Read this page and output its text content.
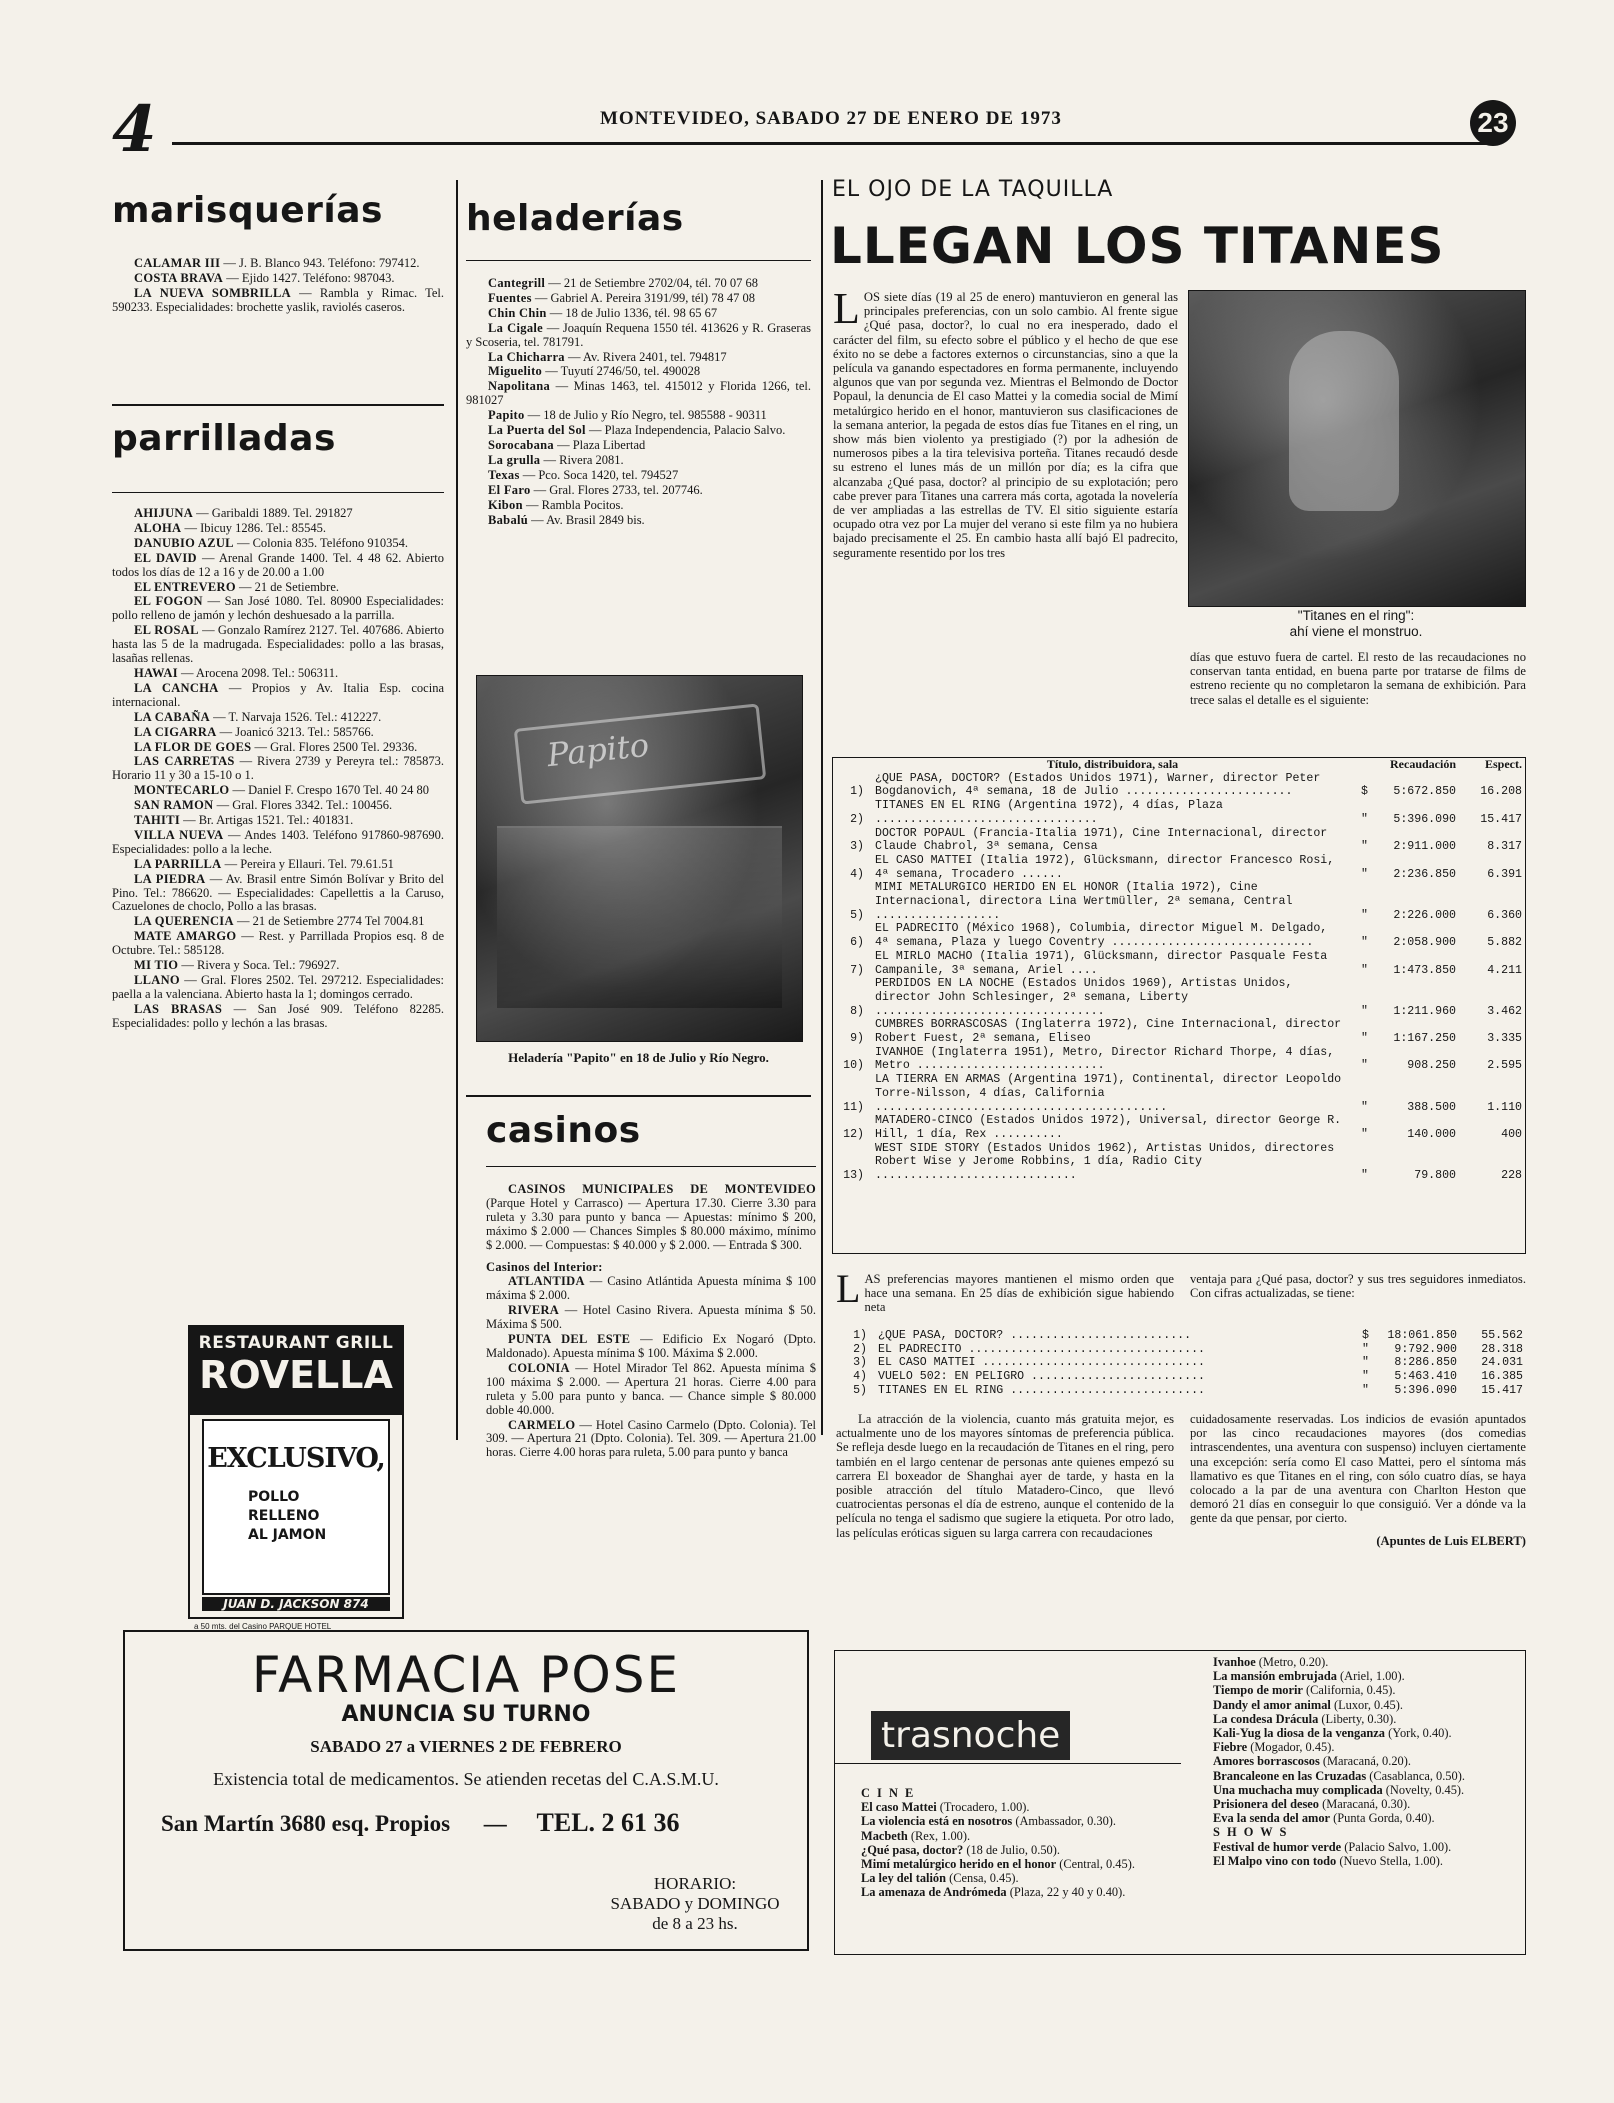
4	MONTEVIDEO, SABADO 27 DE ENERO DE 1973	23
marisquerías

CALAMAR III — J. B. Blanco 943. Teléfono: 797412.

COSTA BRAVA — Ejido 1427. Teléfono: 987043.

LA NUEVA SOMBRILLA — Rambla y Rimac. Tel. 590233. Especialidades: brochette yaslik, raviolés caseros.

parrilladas

AHIJUNA — Garibaldi 1889. Tel. 291827

ALOHA — Ibicuy 1286. Tel.: 85545.

DANUBIO AZUL — Colonia 835. Teléfono 910354.

EL DAVID — Arenal Grande 1400. Tel. 4 48 62. Abierto todos los días de 12 a 16 y de 20.00 a 1.00

EL ENTREVERO — 21 de Setiembre.

EL FOGON — San José 1080. Tel. 80900 Especialidades: pollo relleno de jamón y lechón deshuesado a la parrilla.

EL ROSAL — Gonzalo Ramírez 2127. Tel. 407686. Abierto hasta las 5 de la madrugada. Especialidades: pollo a las brasas, lasañas rellenas.

HAWAI — Arocena 2098. Tel.: 506311.

LA CANCHA — Propios y Av. Italia Esp. cocina internacional.

LA CABAÑA — T. Narvaja 1526. Tel.: 412227.

LA CIGARRA — Joanicó 3213. Tel.: 585766.

LA FLOR DE GOES — Gral. Flores 2500 Tel. 29336.

LAS CARRETAS — Rivera 2739 y Pereyra tel.: 785873. Horario 11 y 30 a 15-10 o 1.

MONTECARLO — Daniel F. Crespo 1670 Tel. 40 24 80

SAN RAMON — Gral. Flores 3342. Tel.: 100456.

TAHITI — Br. Artigas 1521. Tel.: 401831.

VILLA NUEVA — Andes 1403. Teléfono 917860-987690. Especialidades: pollo a la leche.

LA PARRILLA — Pereira y Ellauri. Tel. 79.61.51

LA PIEDRA — Av. Brasil entre Simón Bolívar y Brito del Pino. Tel.: 786620. — Especialidades: Capellettis a la Caruso, Cazuelones de choclo, Pollo a las brasas.

LA QUERENCIA — 21 de Setiembre 2774 Tel 7004.81

MATE AMARGO — Rest. y Parrillada Propios esq. 8 de Octubre. Tel.: 585128.

MI TIO — Rivera y Soca. Tel.: 796927.

LLANO — Gral. Flores 2502. Tel. 297212. Especialidades: paella a la valenciana. Abierto hasta la 1; domingos cerrado.

LAS BRASAS — San José 909. Teléfono 82285. Especialidades: pollo y lechón a las brasas.

RESTAURANT GRILL
ROVELLA
EXCLUSIVO,
POLLO
RELLENO
AL JAMON
JUAN D. JACKSON 874
a 50 mts. del Casino PARQUE HOTEL
heladerías

Cantegrill — 21 de Setiembre 2702/04, tél. 70 07 68

Fuentes — Gabriel A. Pereira 3191/99, tél) 78 47 08

Chin Chin — 18 de Julio 1336, tél. 98 65 67

La Cigale — Joaquín Requena 1550 tél. 413626 y R. Graseras y Scoseria, tel. 781791.

La Chicharra — Av. Rivera 2401, tel. 794817

Miguelito — Tuyutí 2746/50, tel. 490028

Napolitana — Minas 1463, tel. 415012 y Florida 1266, tel. 981027

Papito — 18 de Julio y Río Negro, tel. 985588 - 90311

La Puerta del Sol — Plaza Independencia, Palacio Salvo.

Sorocabana — Plaza Libertad

La grulla — Rivera 2081.

Texas — Pco. Soca 1420, tel. 794527

El Faro — Gral. Flores 2733, tel. 207746.

Kibon — Rambla Pocitos.

Babalú — Av. Brasil 2849 bis.

Papito
Heladería "Papito" en 18 de Julio y Río Negro.
casinos

CASINOS MUNICIPALES DE MONTEVIDEO (Parque Hotel y Carrasco) — Apertura 17.30. Cierre 3.30 para ruleta y 3.30 para punto y banca — Apuestas: mínimo $ 200, máximo $ 2.000 — Chances Simples $ 80.000 máximo, mínimo $ 2.000. — Compuestas: $ 40.000 y $ 2.000. — Entrada $ 300.

Casinos del Interior:

ATLANTIDA — Casino Atlántida Apuesta mínima $ 100 máxima $ 2.000.

RIVERA — Hotel Casino Rivera. Apuesta mínima $ 50. Máxima $ 500.

PUNTA DEL ESTE — Edificio Ex Nogaró (Dpto. Maldonado). Apuesta mínima $ 100. Máxima $ 2.000.

COLONIA — Hotel Mirador Tel 862. Apuesta mínima $ 100 máxima $ 2.000. — Apertura 21 horas. Cierre 4.00 para ruleta y 5.00 para punto y banca. — Chance simple $ 80.000 doble 40.000.

CARMELO — Hotel Casino Carmelo (Dpto. Colonia). Tel 309. — Apertura 21 (Dpto. Colonia). Tel. 309. — Apertura 21.00 horas. Cierre 4.00 horas para ruleta, 5.00 para punto y banca

EL OJO DE LA TAQUILLA
LLEGAN LOS TITANES

LOS siete días (19 al 25 de enero) mantuvieron en general las principales preferencias, con un solo cambio. Al frente sigue ¿Qué pasa, doctor?, lo cual no era inesperado, dado el carácter del film, su efecto sobre el público y el hecho de que ese éxito no se debe a factores externos o circunstancias, sino a que la película va ganando espectadores en forma permanente, incluyendo algunos que van por segunda vez. Mientras el Belmondo de Doctor Popaul, la denuncia de El caso Mattei y la comedia social de Mimí metalúrgico herido en el honor, mantuvieron sus clasificaciones de la semana anterior, la pegada de estos días fue Titanes en el ring, un show más bien violento ya prestigiado (?) por la adhesión de numerosos pibes a la tira televisiva porteña. Titanes recaudó desde su estreno el lunes más de un millón por día; es la cifra que alcanzaba ¿Qué pasa, doctor? al principio de su explotación; pero cabe prever para Titanes una carrera más corta, agotada la novelería de ver ampliadas a las estrellas de TV. El sitio siguiente estaría ocupado otra vez por La mujer del verano si este film ya no hubiera bajado precisamente el 25. En cambio hasta allí bajó El padrecito, seguramente resentido por los tres

"Titanes en el ring":
ahí viene el monstruo.

días que estuvo fuera de cartel. El resto de las recaudaciones no conservan tanta entidad, en buena parte por tratarse de films de estreno reciente qu no completaron la semana de exhibición. Para trece salas el detalle es el siguiente:

	Título, distribuidora, sala	Recaudación		Espect.
1)	¿QUE PASA, DOCTOR? (Estados Unidos 1971), Warner, director Peter Bogdanovich, 4ª semana, 18 de Julio ........................	$	5:672.850	16.208
2)	TITANES EN EL RING (Argentina 1972), 4 días, Plaza ................................	"	5:396.090	15.417
3)	DOCTOR POPAUL (Francia-Italia 1971), Cine Internacional, director Claude Chabrol, 3ª semana, Censa	"	2:911.000	8.317
4)	EL CASO MATTEI (Italia 1972), Glücksmann, director Francesco Rosi, 4ª semana, Trocadero ......	"	2:236.850	6.391
5)	MIMI METALURGICO HERIDO EN EL HONOR (Italia 1972), Cine Internacional, directora Lina Wertmüller, 2ª semana, Central ..................	"	2:226.000	6.360
6)	EL PADRECITO (México 1968), Columbia, director Miguel M. Delgado, 4ª semana, Plaza y luego Coventry .............................	"	2:058.900	5.882
7)	EL MIRLO MACHO (Italia 1971), Glücksmann, director Pasquale Festa Campanile, 3ª semana, Ariel ....	"	1:473.850	4.211
8)	PERDIDOS EN LA NOCHE (Estados Unidos 1969), Artistas Unidos, director John Schlesinger, 2ª semana, Liberty .................................	"	1:211.960	3.462
9)	CUMBRES BORRASCOSAS (Inglaterra 1972), Cine Internacional, director Robert Fuest, 2ª semana, Eliseo	"	1:167.250	3.335
10)	IVANHOE (Inglaterra 1951), Metro, Director Richard Thorpe, 4 días, Metro ...........................	"	908.250	2.595
11)	LA TIERRA EN ARMAS (Argentina 1971), Continental, director Leopoldo Torre-Nilsson, 4 días, California ..........................................	"	388.500	1.110
12)	MATADERO-CINCO (Estados Unidos 1972), Universal, director George R. Hill, 1 día, Rex ..........	"	140.000	400
13)	WEST SIDE STORY (Estados Unidos 1962), Artistas Unidos, directores Robert Wise y Jerome Robbins, 1 día, Radio City .............................	"	79.800	228

LAS preferencias mayores mantienen el mismo orden que hace una semana. En 25 días de exhibición sigue habiendo neta

ventaja para ¿Qué pasa, doctor? y sus tres seguidores inmediatos. Con cifras actualizadas, se tiene:

1)	¿QUE PASA, DOCTOR? ..........................	$	18:061.850	55.562
2)	EL PADRECITO ..................................	"	9:792.900	28.318
3)	EL CASO MATTEI ................................	"	8:286.850	24.031
4)	VUELO 502: EN PELIGRO .........................	"	5:463.410	16.385
5)	TITANES EN EL RING ............................	"	5:396.090	15.417

La atracción de la violencia, cuanto más gratuita mejor, es actualmente uno de los mayores síntomas de preferencia pública. Se refleja desde luego en la recaudación de Titanes en el ring, pero también en el largo centenar de personas ante quienes empezó su carrera El boxeador de Shanghai ayer de tarde, y hasta en la posible atracción del título Matadero-Cinco, que llevó cuatrocientas personas el día de estreno, aunque el contenido de la película no tenga el sadismo que sugiere la etiqueta. Por otro lado, las películas eróticas siguen su larga carrera con recaudaciones

cuidadosamente reservadas. Los indicios de evasión apuntados por las cinco recaudaciones mayores (dos comedias intrascendentes, una aventura con suspenso) incluyen ciertamente una excepción: sería como El caso Mattei, pero el síntoma más llamativo es que Titanes en el ring, con sólo cuatro días, se haya colocado a la par de una aventura con Charlton Heston que demoró 21 días en conseguir lo que consiguió. Ver a dónde va la gente da que pensar, por cierto.

(Apuntes de Luis ELBERT)

FARMACIA POSE
ANUNCIA SU TURNO
SABADO 27 a VIERNES 2 DE FEBRERO
Existencia total de medicamentos. Se atienden recetas del C.A.S.M.U.
San Martín 3680 esq. Propios — TEL. 2 61 36
HORARIO:
SABADO y DOMINGO
de 8 a 23 hs.
trasnoche

C I N E

El caso Mattei (Trocadero, 1.00).

La violencia está en nosotros (Ambassador, 0.30).

Macbeth (Rex, 1.00).

¿Qué pasa, doctor? (18 de Julio, 0.50).

Mimí metalúrgico herido en el honor (Central, 0.45).

La ley del talión (Censa, 0.45).

La amenaza de Andrómeda (Plaza, 22 y 40 y 0.40).

Ivanhoe (Metro, 0.20).

La mansión embrujada (Ariel, 1.00).

Tiempo de morir (California, 0.45).

Dandy el amor animal (Luxor, 0.45).

La condesa Drácula (Liberty, 0.30).

Kali-Yug la diosa de la venganza (York, 0.40).

Fiebre (Mogador, 0.45).

Amores borrascosos (Maracaná, 0.20).

Brancaleone en las Cruzadas (Casablanca, 0.50).

Una muchacha muy complicada (Novelty, 0.45).

Prisionera del deseo (Maracaná, 0.30).

Eva la senda del amor (Punta Gorda, 0.40).

S H O W S

Festival de humor verde (Palacio Salvo, 1.00).

El Malpo vino con todo (Nuevo Stella, 1.00).
